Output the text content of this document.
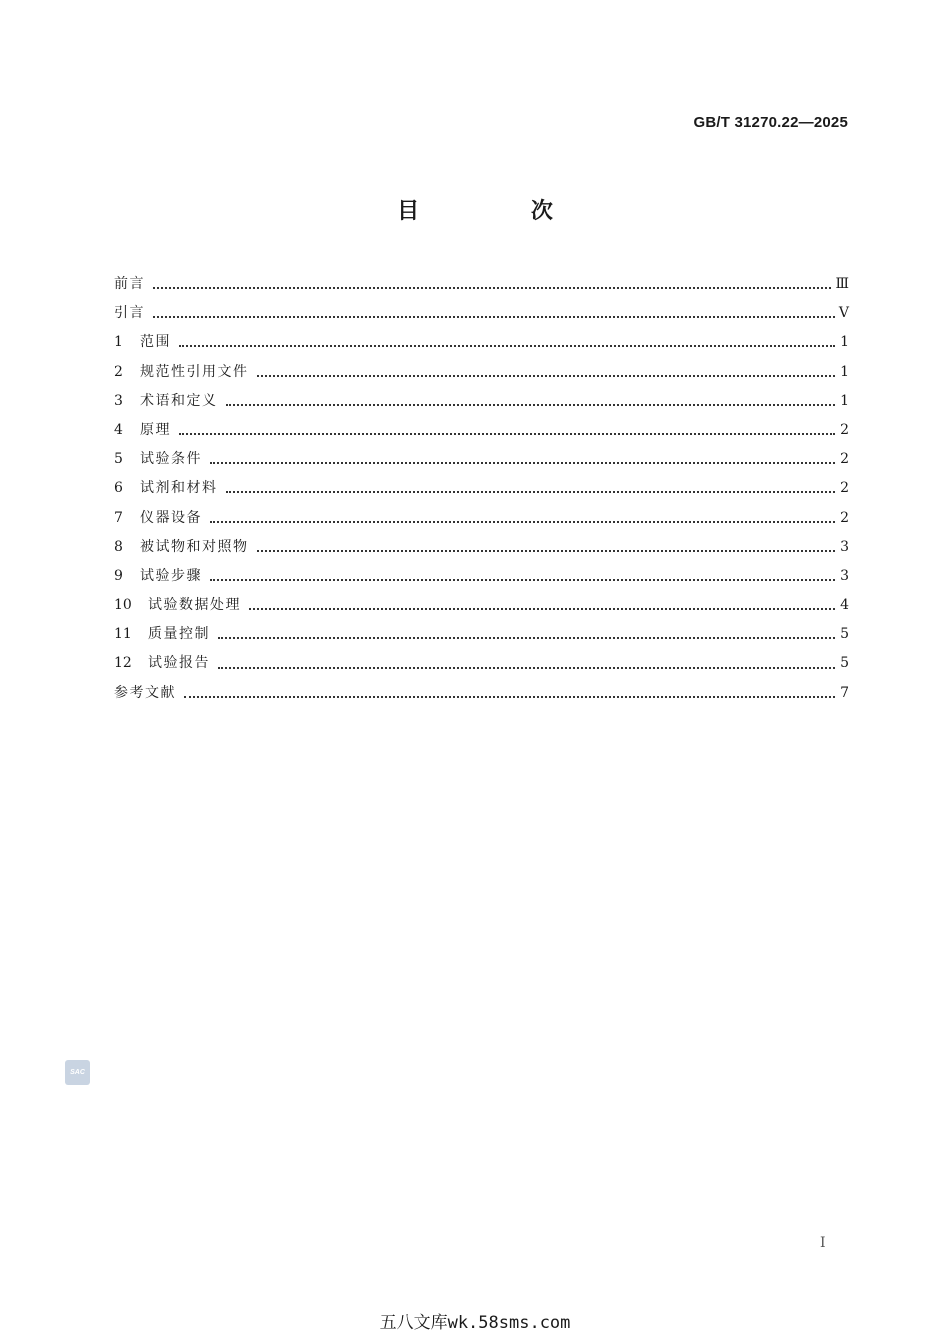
GB/T 31270.22—2025
目 次
前言	Ⅲ
引言	Ⅴ
1	范围	1
2	规范性引用文件	1
3	术语和定义	1
4	原理	2
5	试验条件	2
6	试剂和材料	2
7	仪器设备	2
8	被试物和对照物	3
9	试验步骤	3
10	试验数据处理	4
11	质量控制	5
12	试验报告	5
参考文献	7
SAC
I
五八文库wk.58sms.com
